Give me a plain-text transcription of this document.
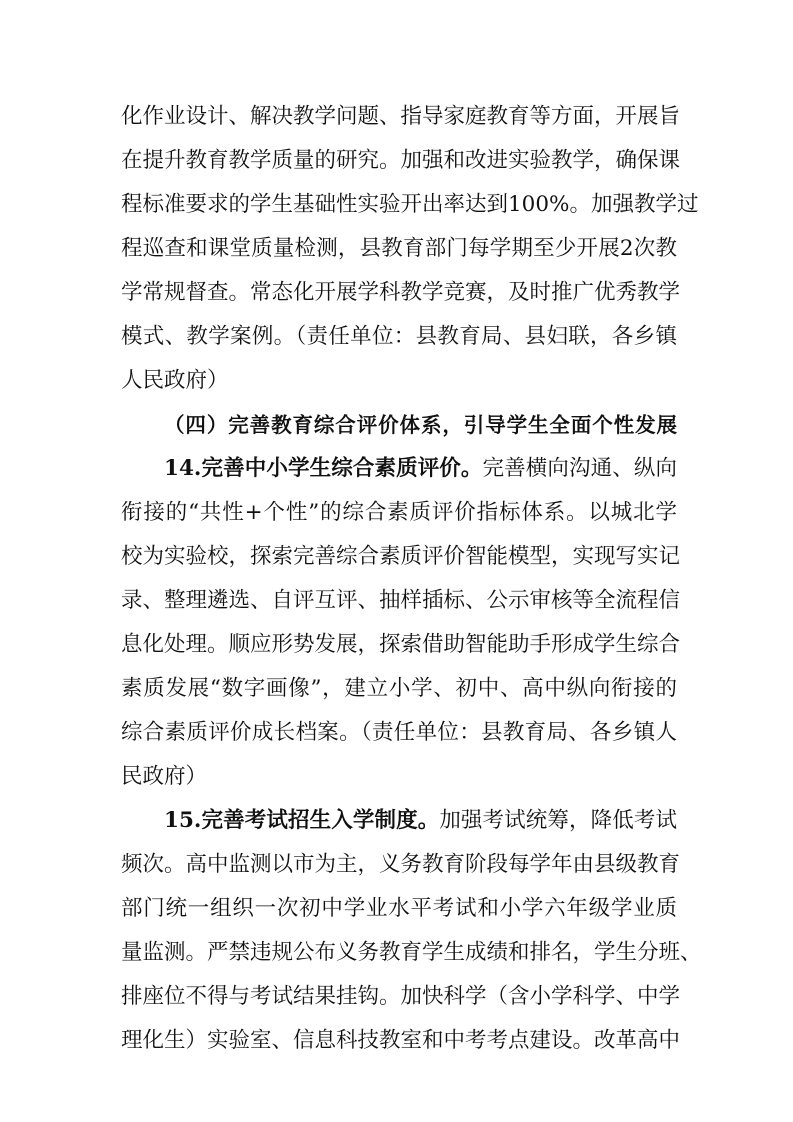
化作业设计、解决教学问题、指导家庭教育等方面，开展旨
在提升教育教学质量的研究。加强和改进实验教学，确保课
程标准要求的学生基础性实验开出率达到100%。加强教学过
程巡查和课堂质量检测，县教育部门每学期至少开展2次教
学常规督查。常态化开展学科教学竞赛，及时推广优秀教学
模式、教学案例。（责任单位：县教育局、县妇联，各乡镇
人民政府）
（四）完善教育综合评价体系，引导学生全面个性发展
14.完善中小学生综合素质评价。完善横向沟通、纵向
衔接的“共性+个性”的综合素质评价指标体系。以城北学
校为实验校，探索完善综合素质评价智能模型，实现写实记
录、整理遴选、自评互评、抽样插标、公示审核等全流程信
息化处理。顺应形势发展，探索借助智能助手形成学生综合
素质发展“数字画像”，建立小学、初中、高中纵向衔接的
综合素质评价成长档案。（责任单位：县教育局、各乡镇人
民政府）
15.完善考试招生入学制度。加强考试统筹，降低考试
频次。高中监测以市为主，义务教育阶段每学年由县级教育
部门统一组织一次初中学业水平考试和小学六年级学业质
量监测。严禁违规公布义务教育学生成绩和排名，学生分班、
排座位不得与考试结果挂钩。加快科学（含小学科学、中学
理化生）实验室、信息科技教室和中考考点建设。改革高中
